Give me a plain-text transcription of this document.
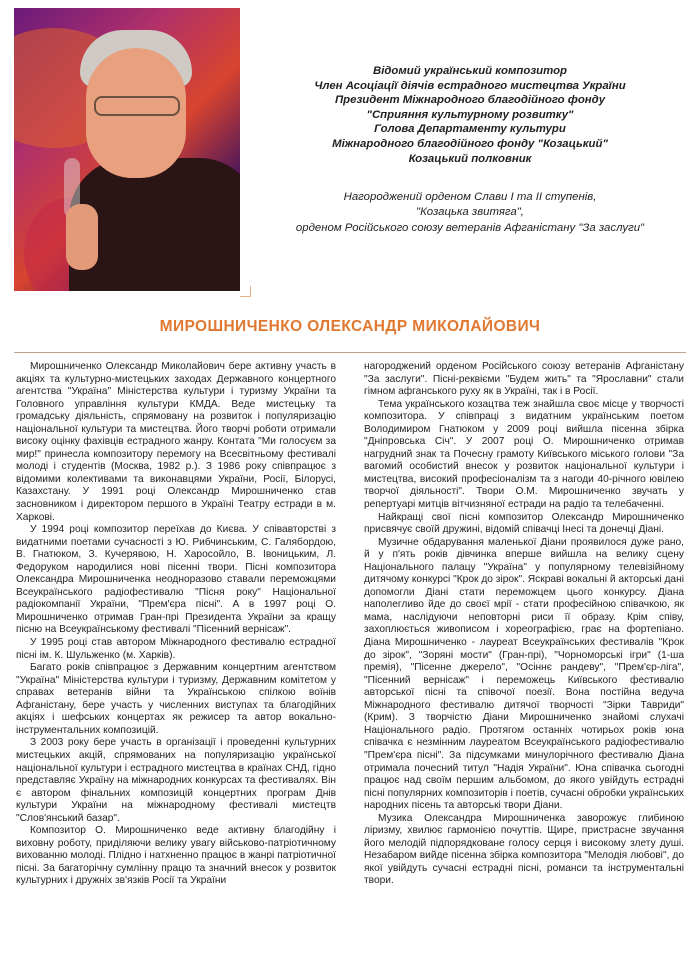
Відомий український композитор
Член Асоціації діячів естрадного мистецтва України
Президент Міжнародного благодійного фонду
"Сприяння культурному розвитку"
Голова Департаменту культури
Міжнародного благодійного фонду "Козацький"
Козацький полковник
Нагороджений орденом Слави І та ІІ ступенів,
"Козацька звитяга",
орденом Російського союзу ветеранів Афганістану "За заслуги"
МИРОШНИЧЕНКО ОЛЕКСАНДР МИКОЛАЙОВИЧ

Мирошниченко Олександр Миколайович бере активну участь в акціях та культурно-мистецьких заходах Державного концертного агентства "Україна" Міністерства культури і туризму України та Головного управління культури КМДА. Веде мистецьку та громадську діяльність, спрямовану на розвиток і популяризацію національної культури та мистецтва. Його творчі роботи отримали високу оцінку фахівців естрадного жанру. Контата "Ми голосуєм за мир!" принесла композитору перемогу на Всесвітньому фестивалі молоді і студентів (Москва, 1982 р.). З 1986 року співпрацює з відомими колективами та виконавцями України, Росії, Білорусі, Казахстану. У 1991 році Олександр Мирошниченко став засновником і директором першого в Україні Театру естради в м. Харкові.

У 1994 році композитор переїхав до Києва. У співавторстві з видатними поетами сучасності з Ю. Рибчинським, С. Галябордою, В. Гнатюком, З. Кучерявою, Н. Харосойло, В. Івоницьким, Л. Федоруком народилися нові пісенні твори. Пісні композитора Олександра Мирошниченка неодноразово ставали переможцями Всеукраїнського радіофестивалю "Пісня року" Національної радіокомпанії України, "Прем'єра пісні". А в 1997 році О. Мирошниченко отримав Гран-прі Президента України за кращу пісню на Всеукраїнському фестивалі "Пісенний вернісаж".

У 1995 році став автором Міжнародного фестивалю естрадної пісні ім. К. Шульженко (м. Харків).

Багато років співпрацює з Державним концертним агентством "Україна" Міністерства культури і туризму, Державним комітетом у справах ветеранів війни та Українською спілкою воїнів Афганістану, бере участь у численних виступах та благодійних акціях і шефських концертах як режисер та автор вокально-інструментальних композицій.

З 2003 року бере участь в організації і проведенні культурних мистецьких акцій, спрямованих на популяризацію української національної культури і естрадного мистецтва в країнах СНД, гідно представляє Україну на міжнародних конкурсах та фестивалях. Він є автором фінальних композицій концертних програм Днів культури України на міжнародному фестивалі мистецтв "Слов'янський базар".

Композитор О. Мирошниченко веде активну благодійну і виховну роботу, приділяючи велику увагу військово-патріотичному вихованню молоді. Плідно і натхненно працює в жанрі патріотичної пісні. За багаторічну сумлінну працю та значний внесок у розвиток культурних і дружніх зв'язків Росії та України

нагороджений орденом Російського союзу ветеранів Афганістану "За заслуги". Пісні-реквієми "Будем жить" та "Ярославни" стали гімном афганського руху як в Україні, так і в Росії.

Тема українського козацтва теж знайшла своє місце у творчості композитора. У співпраці з видатним українським поетом Володимиром Гнатюком у 2009 році вийшла пісенна збірка "Дніпровська Січ". У 2007 році О. Мирошниченко отримав нагрудний знак та Почесну грамоту Київського міського голови "За вагомий особистий внесок у розвиток національної культури і мистецтва, високий професіоналізм та з нагоди 40-річного ювілею творчої діяльності". Твори О.М. Мирошниченко звучать у репертуарі митців вітчизняної естради на радіо та телебаченні.

Найкращі свої пісні композитор Олександр Мирошниченко присвячує своїй дружині, відомій співачці Інесі та донечці Діані.

Музичне обдарування маленької Діани проявилося дуже рано, й у п'ять років дівчинка вперше вийшла на велику сцену Національного палацу "Україна" у популярному телевізійному дитячому конкурсі "Крок до зірок". Яскраві вокальні й акторські дані допомогли Діані стати переможцем цього конкурсу. Діана наполегливо йде до своєї мрії - стати професійною співачкою, як мама, наслідуючи неповторні риси її образу. Крім співу, захоплюється живописом і хореографією, грає на фортепіано. Діана Мирошниченко - лауреат Всеукраїнських фестивалів "Крок до зірок", "Зоряні мости" (Гран-прі), "Чорноморські ігри" (1-ша премія), "Пісенне джерело", "Осіннє рандеву", "Прем'єр-ліга", "Пісенний вернісаж" і переможець Київського фестивалю авторської пісні та співочої поезії. Вона постійна ведуча Міжнародного фестивалю дитячої творчості "Зірки Тавриди" (Крим). З творчістю Діани Мирошниченко знайомі слухачі Національного радіо. Протягом останніх чотирьох років юна співачка є незмінним лауреатом Всеукраїнського радіофестивалю "Прем'єра пісні". За підсумками минулорічного фестивалю Діана отримала почесний титул "Надія України". Юна співачка сьогодні працює над своїм першим альбомом, до якого увійдуть естрадні пісні популярних композиторів і поетів, сучасні обробки українських народних пісень та авторські твори Діани.

Музика Олександра Мирошниченка заворожує глибиною ліризму, хвилює гармонією почуттів. Щире, пристрасне звучання його мелодій підпорядковане голосу серця і високому злету душі. Незабаром вийде пісенна збірка композитора "Мелодія любові", до якої увійдуть сучасні естрадні пісні, романси та інструментальні твори.
